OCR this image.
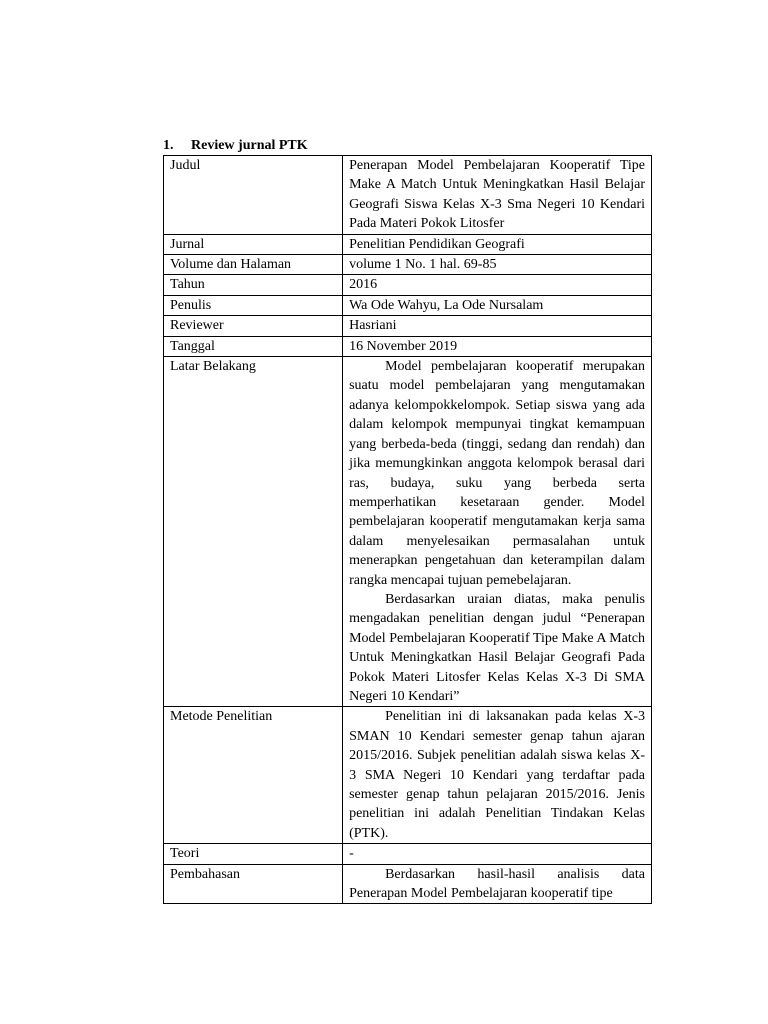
1. Review jurnal PTK
Judul	Penerapan Model Pembelajaran Kooperatif Tipe Make A Match Untuk Meningkatkan Hasil Belajar Geografi Siswa Kelas X-3 Sma Negeri 10 Kendari Pada Materi Pokok Litosfer

Jurnal	Penelitian Pendidikan Geografi

Volume dan Halaman	volume 1 No. 1 hal. 69-85

Tahun	2016

Penulis	Wa Ode Wahyu, La Ode Nursalam

Reviewer	Hasriani

Tanggal	16 November 2019

Latar Belakang	Model pembelajaran kooperatif merupakan suatu model pembelajaran yang mengutamakan adanya kelompokkelompok. Setiap siswa yang ada dalam kelompok mempunyai tingkat kemampuan yang berbeda-beda (tinggi, sedang dan rendah) dan jika memungkinkan anggota kelompok berasal dari ras, budaya, suku yang berbeda serta memperhatikan kesetaraan gender. Model pembelajaran kooperatif mengutamakan kerja sama dalam menyelesaikan permasalahan untuk menerapkan pengetahuan dan keterampilan dalam rangka mencapai tujuan pemebelajaran.

Berdasarkan uraian diatas, maka penulis mengadakan penelitian dengan judul “Penerapan Model Pembelajaran Kooperatif Tipe Make A Match Untuk Meningkatkan Hasil Belajar Geografi Pada Pokok Materi Litosfer Kelas Kelas X-3 Di SMA Negeri 10 Kendari”

Metode Penelitian	Penelitian ini di laksanakan pada kelas X-3 SMAN 10 Kendari semester genap tahun ajaran 2015/2016. Subjek penelitian adalah siswa kelas X-3 SMA Negeri 10 Kendari yang terdaftar pada semester genap tahun pelajaran 2015/2016. Jenis penelitian ini adalah Penelitian Tindakan Kelas (PTK).

Teori	-

Pembahasan	Berdasarkan hasil-hasil analisis data Penerapan Model Pembelajaran kooperatif tipe
